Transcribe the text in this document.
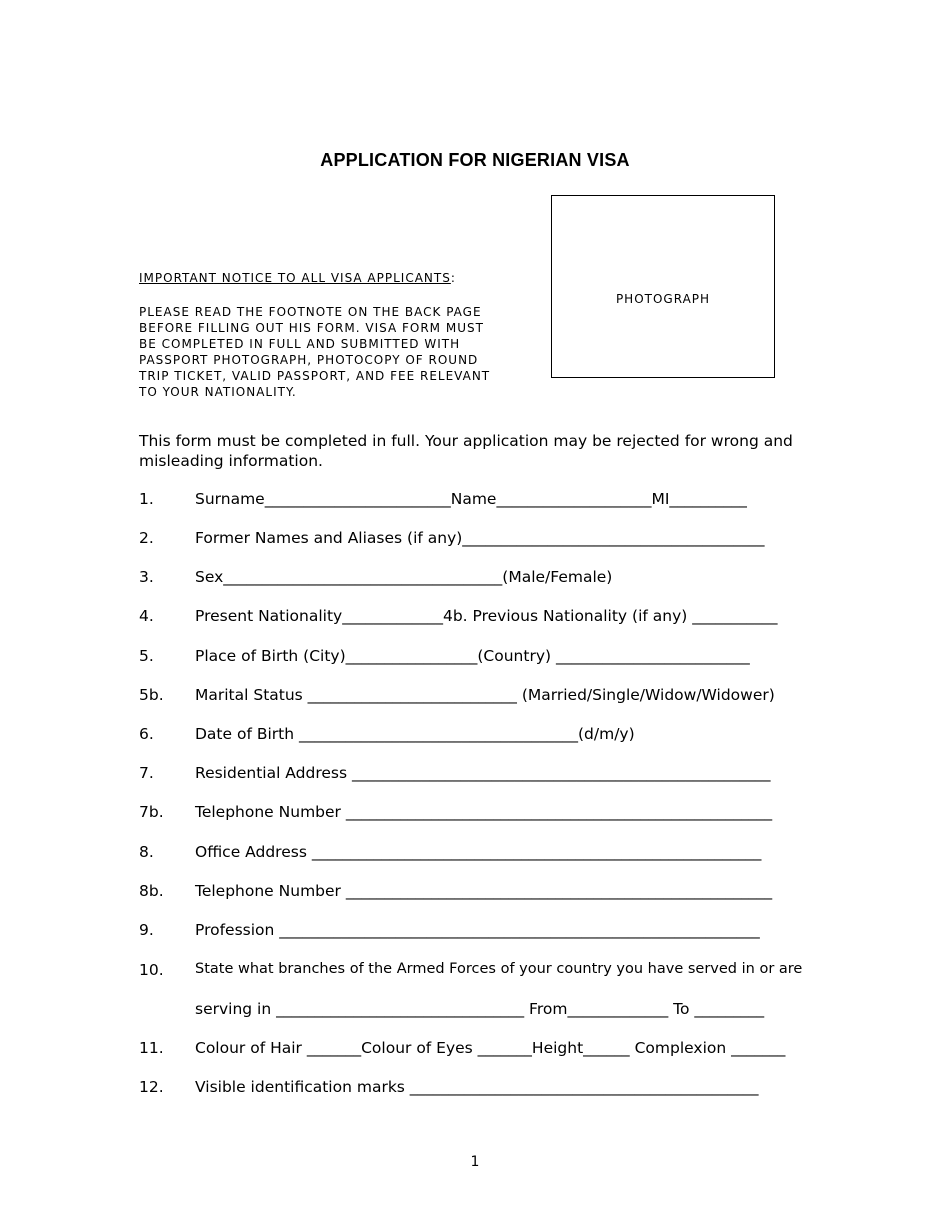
APPLICATION FOR NIGERIAN VISA
IMPORTANT NOTICE TO ALL VISA APPLICANTS:
PLEASE READ THE FOOTNOTE ON THE BACK PAGE
BEFORE FILLING OUT HIS FORM. VISA FORM MUST
BE COMPLETED IN FULL AND SUBMITTED WITH
PASSPORT PHOTOGRAPH, PHOTOCOPY OF ROUND
TRIP TICKET, VALID PASSPORT, AND FEE RELEVANT
TO YOUR NATIONALITY.
PHOTOGRAPH
This form must be completed in full. Your application may be rejected for wrong and
misleading information.
1.	Surname________________________Name____________________MI__________
2.	Former Names and Aliases (if any)_______________________________________
3.	Sex____________________________________(Male/Female)
4.	Present Nationality_____________4b. Previous Nationality (if any) ___________
5.	Place of Birth (City)_________________(Country) _________________________
5b. Marital Status ___________________________ (Married/Single/Widow/Widower)
6.	Date of Birth ____________________________________(d/m/y)
7.	Residential Address ______________________________________________________
7b. Telephone Number _______________________________________________________
8.	Office Address __________________________________________________________
8b. Telephone Number _______________________________________________________
9.	Profession ______________________________________________________________
10. State what branches of the Armed Forces of your country you have served in or are
serving in ________________________________ From_____________ To _________
11. Colour of Hair _______Colour of Eyes _______Height______ Complexion _______
12. Visible identification marks _____________________________________________
1
